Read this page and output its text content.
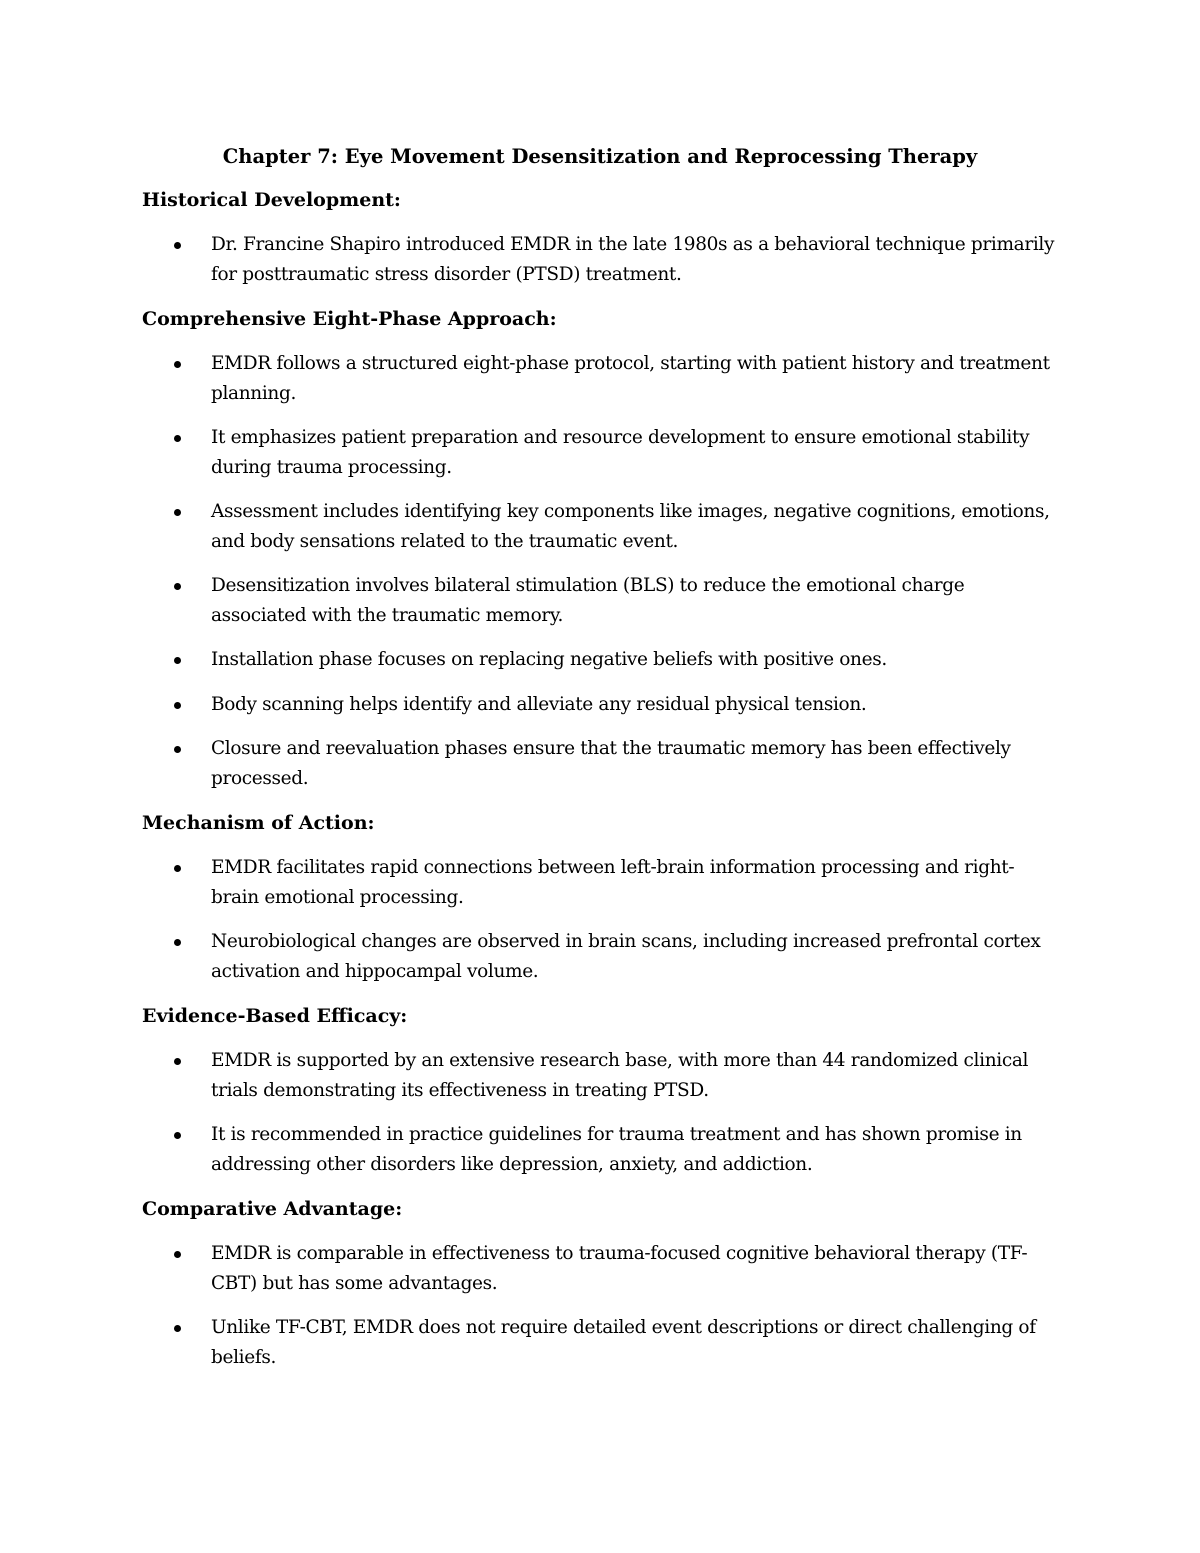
Chapter 7: Eye Movement Desensitization and Reprocessing Therapy
Historical Development:
Dr. Francine Shapiro introduced EMDR in the late 1980s as a behavioral technique primarily for posttraumatic stress disorder (PTSD) treatment.
Comprehensive Eight-Phase Approach:
EMDR follows a structured eight-phase protocol, starting with patient history and treatment planning.
It emphasizes patient preparation and resource development to ensure emotional stability during trauma processing.
Assessment includes identifying key components like images, negative cognitions, emotions, and body sensations related to the traumatic event.
Desensitization involves bilateral stimulation (BLS) to reduce the emotional charge associated with the traumatic memory.
Installation phase focuses on replacing negative beliefs with positive ones.
Body scanning helps identify and alleviate any residual physical tension.
Closure and reevaluation phases ensure that the traumatic memory has been effectively processed.
Mechanism of Action:
EMDR facilitates rapid connections between left-brain information processing and right-brain emotional processing.
Neurobiological changes are observed in brain scans, including increased prefrontal cortex activation and hippocampal volume.
Evidence-Based Efficacy:
EMDR is supported by an extensive research base, with more than 44 randomized clinical trials demonstrating its effectiveness in treating PTSD.
It is recommended in practice guidelines for trauma treatment and has shown promise in addressing other disorders like depression, anxiety, and addiction.
Comparative Advantage:
EMDR is comparable in effectiveness to trauma-focused cognitive behavioral therapy (TF-CBT) but has some advantages.
Unlike TF-CBT, EMDR does not require detailed event descriptions or direct challenging of beliefs.
